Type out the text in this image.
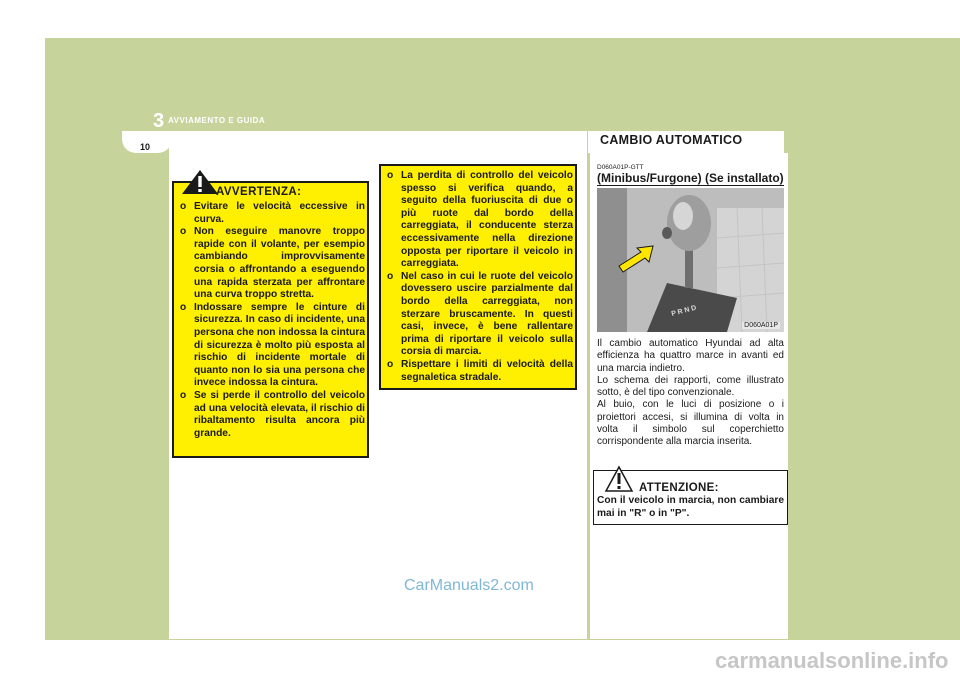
3 AVVIAMENTO E GUIDA
10	CAMBIO AUTOMATICO
AVVERTENZA:
o Evitare le velocità eccessive in curva.
o Non eseguire manovre troppo rapide con il volante, per esempio cambiando improvvisamente corsia o affrontando a eseguendo una rapida sterzata per affrontare una curva troppo stretta.
o Indossare sempre le cinture di sicurezza. In caso di incidente, una persona che non indossa la cintura di sicurezza è molto più esposta al rischio di incidente mortale di quanto non lo sia una persona che invece indossa la cintura.
o Se si perde il controllo del veicolo ad una velocità elevata, il rischio di ribaltamento risulta ancora più grande.
o La perdita di controllo del veicolo spesso si verifica quando, a seguito della fuoriuscita di due o più ruote dal bordo della carreggiata, il conducente sterza eccessivamente nella direzione opposta per riportare il veicolo in carreggiata.
o Nel caso in cui le ruote del veicolo dovessero uscire parzialmente dal bordo della carreggiata, non sterzare bruscamente. In questi casi, invece, è bene rallentare prima di riportare il veicolo sulla corsia di marcia.
o Rispettare i limiti di velocità della segnaletica stradale.
D060A01P-GTT
(Minibus/Furgone) (Se installato)
P R N D
D060A01P

Il cambio automatico Hyundai ad alta efficienza ha quattro marce in avanti ed una marcia indietro.

Lo schema dei rapporti, come illustrato sotto, è del tipo convenzionale.

Al buio, con le luci di posizione o i proiettori accesi, si illumina di volta in volta il simbolo sul coperchietto corrispondente alla marcia inserita.

ATTENZIONE:
Con il veicolo in marcia, non cambiare mai in "R" o in "P".
CarManuals2.com
carmanualsonline.info
